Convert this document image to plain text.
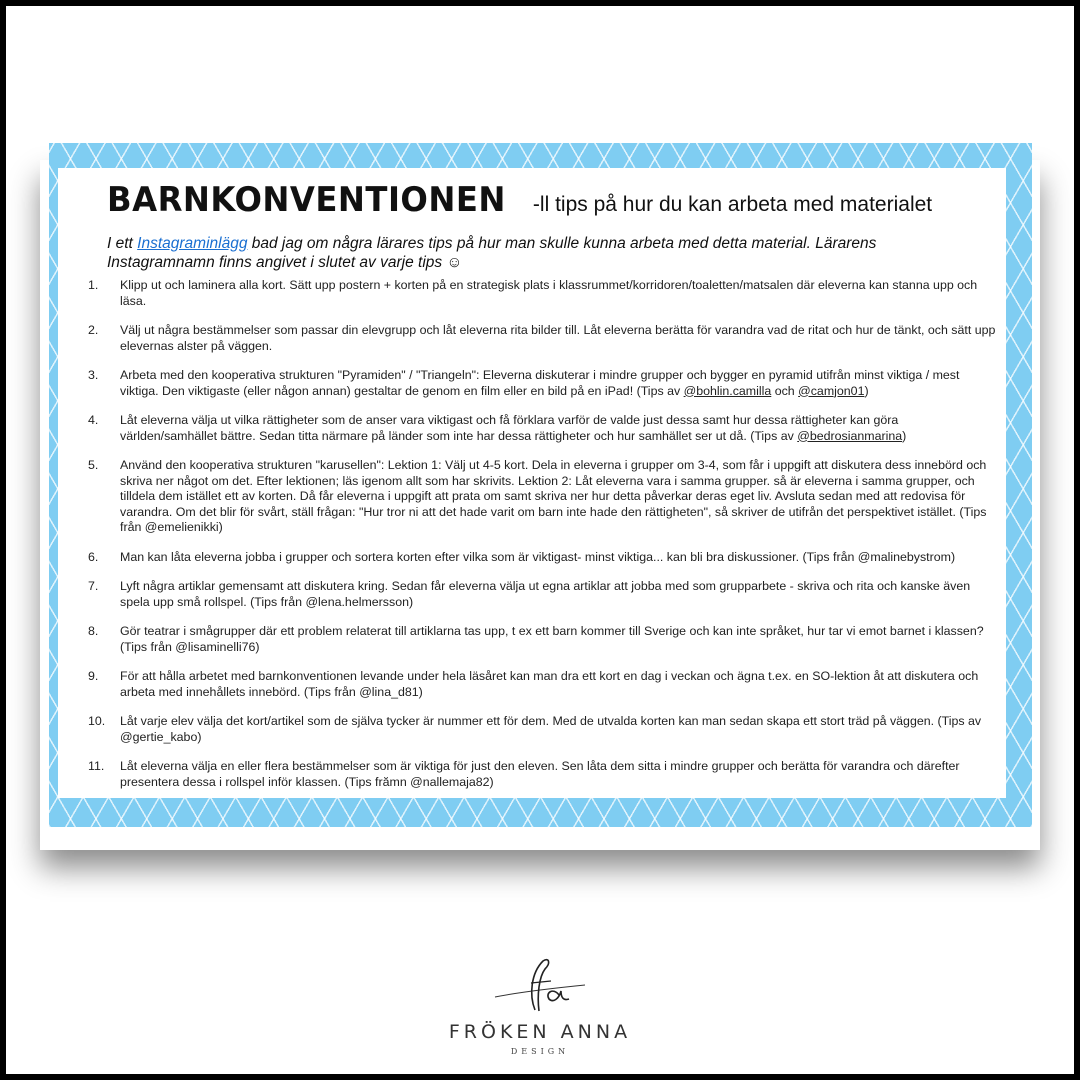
BARNKONVENTIONEN -ll tips på hur du kan arbeta med materialet
I ett Instagraminlägg bad jag om några lärares tips på hur man skulle kunna arbeta med detta material. Lärarens Instagramnamn finns angivet i slutet av varje tips ☺
1.	Klipp ut och laminera alla kort. Sätt upp postern + korten på en strategisk plats i klassrummet/korridoren/toaletten/matsalen där eleverna kan stanna upp och läsa.
2.	Välj ut några bestämmelser som passar din elevgrupp och låt eleverna rita bilder till. Låt eleverna berätta för varandra vad de ritat och hur de tänkt, och sätt upp elevernas alster på väggen.
3.	Arbeta med den kooperativa strukturen "Pyramiden" / "Triangeln": Eleverna diskuterar i mindre grupper och bygger en pyramid utifrån minst viktiga / mest viktiga. Den viktigaste (eller någon annan) gestaltar de genom en film eller en bild på en iPad! (Tips av @bohlin.camilla och @camjon01)
4.	Låt eleverna välja ut vilka rättigheter som de anser vara viktigast och få förklara varför de valde just dessa samt hur dessa rättigheter kan göra världen/samhället bättre. Sedan titta närmare på länder som inte har dessa rättigheter och hur samhället ser ut då. (Tips av @bedrosianmarina)
5.	Använd den kooperativa strukturen "karusellen": Lektion 1: Välj ut 4-5 kort. Dela in eleverna i grupper om 3-4, som får i uppgift att diskutera dess innebörd och skriva ner något om det. Efter lektionen; läs igenom allt som har skrivits. Lektion 2: Låt eleverna vara i samma grupper. så är eleverna i samma grupper, och tilldela dem istället ett av korten. Då får eleverna i uppgift att prata om samt skriva ner hur detta påverkar deras eget liv. Avsluta sedan med att redovisa för varandra. Om det blir för svårt, ställ frågan: "Hur tror ni att det hade varit om barn inte hade den rättigheten", så skriver de utifrån det perspektivet istället. (Tips från @emelienikki)
6.	Man kan låta eleverna jobba i grupper och sortera korten efter vilka som är viktigast- minst viktiga... kan bli bra diskussioner. (Tips från @malinebystrom)
7.	Lyft några artiklar gemensamt att diskutera kring. Sedan får eleverna välja ut egna artiklar att jobba med som grupparbete - skriva och rita och kanske även spela upp små rollspel. (Tips från @lena.helmersson)
8.	Gör teatrar i smågrupper där ett problem relaterat till artiklarna tas upp, t ex ett barn kommer till Sverige och kan inte språket, hur tar vi emot barnet i klassen? (Tips från @lisaminelli76)
9.	För att hålla arbetet med barnkonventionen levande under hela läsåret kan man dra ett kort en dag i veckan och ägna t.ex. en SO-lektion åt att diskutera och arbeta med innehållets innebörd. (Tips från @lina_d81)
10.	Låt varje elev välja det kort/artikel som de själva tycker är nummer ett för dem. Med de utvalda korten kan man sedan skapa ett stort träd på väggen. (Tips av @gertie_kabo)
11.	Låt eleverna välja en eller flera bestämmelser som är viktiga för just den eleven. Sen låta dem sitta i mindre grupper och berätta för varandra och därefter presentera dessa i rollspel inför klassen. (Tips frămn @nallemaja82)
FRÖKEN ANNA
DESIGN
